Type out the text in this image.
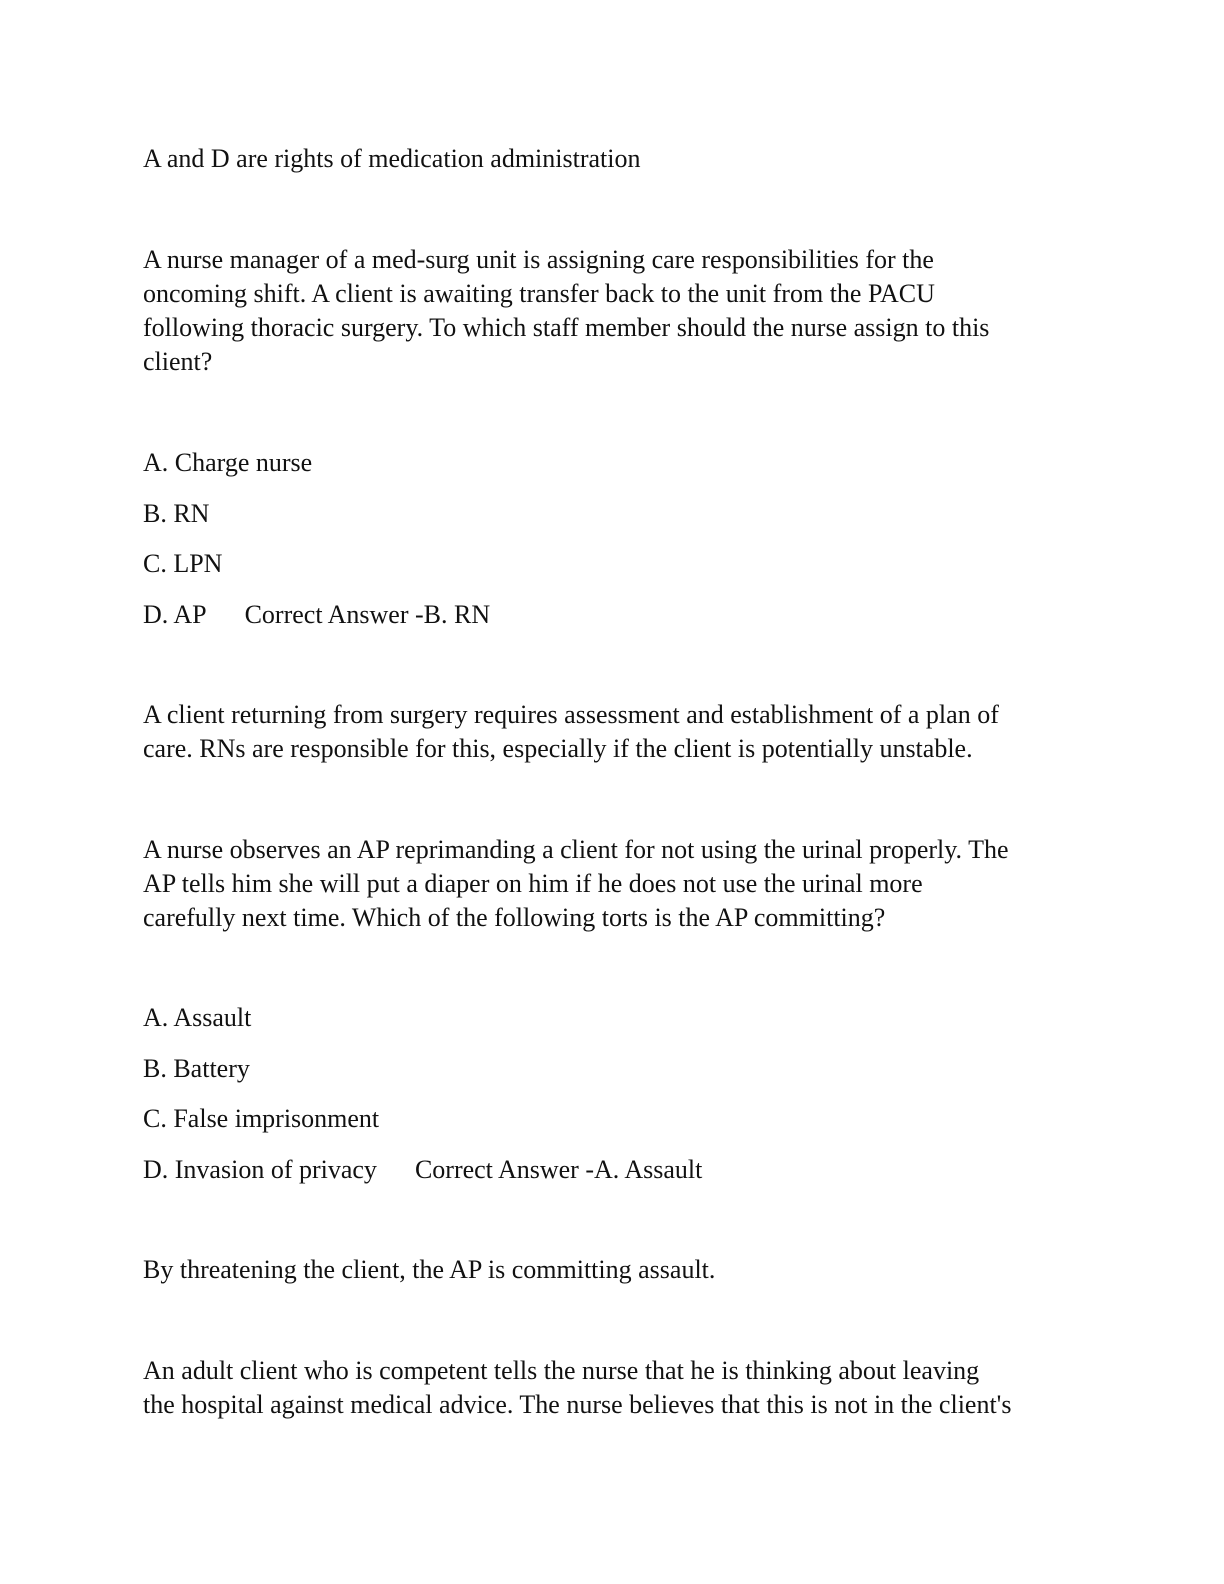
A and D are rights of medication administration

A nurse manager of a med-surg unit is assigning care responsibilities for the
oncoming shift. A client is awaiting transfer back to the unit from the PACU
following thoracic surgery. To which staff member should the nurse assign to this
client?
A. Charge nurse
B. RN
C. LPN
D. AP Correct Answer -B. RN
A client returning from surgery requires assessment and establishment of a plan of
care. RNs are responsible for this, especially if the client is potentially unstable.
A nurse observes an AP reprimanding a client for not using the urinal properly. The
AP tells him she will put a diaper on him if he does not use the urinal more
carefully next time. Which of the following torts is the AP committing?
A. Assault
B. Battery
C. False imprisonment
D. Invasion of privacy Correct Answer -A. Assault

By threatening the client, the AP is committing assault.

An adult client who is competent tells the nurse that he is thinking about leaving
the hospital against medical advice. The nurse believes that this is not in the client's
